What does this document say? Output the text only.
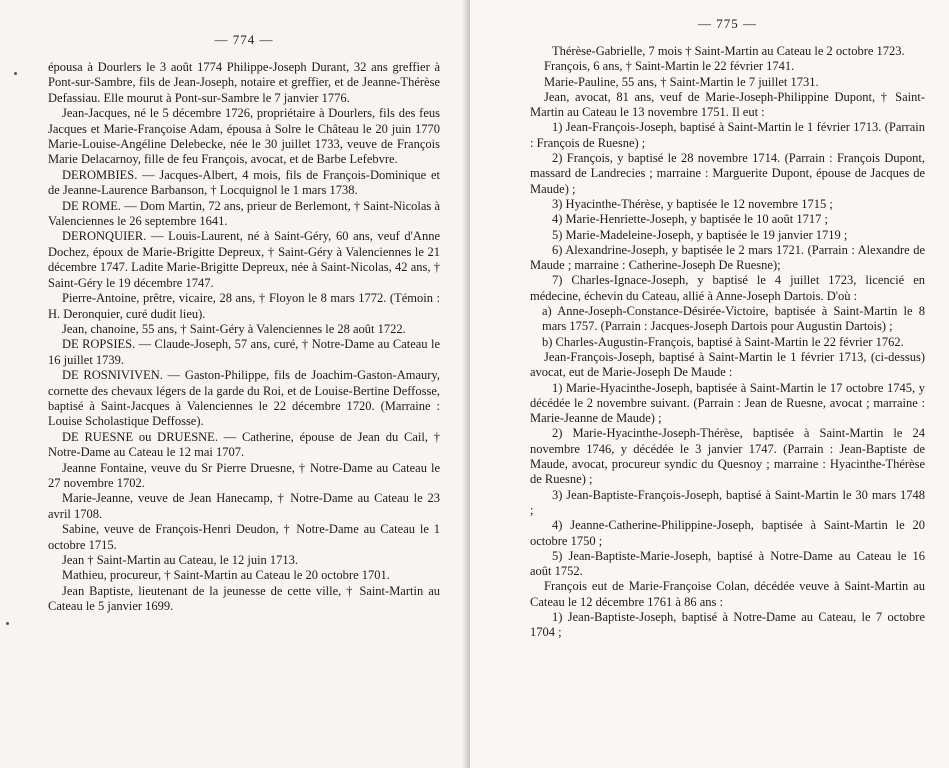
— 774 —

épousa à Dourlers le 3 août 1774 Philippe-Joseph Durant, 32 ans greffier à Pont-sur-Sambre, fils de Jean-Joseph, notaire et greffier, et de Jeanne-Thérèse Defassiau. Elle mourut à Pont-sur-Sambre le 7 janvier 1776.

Jean-Jacques, né le 5 décembre 1726, propriétaire à Dourlers, fils des feus Jacques et Marie-Françoise Adam, épousa à Solre le Château le 20 juin 1770 Marie-Louise-Angéline Delebecke, née le 30 juillet 1733, veuve de François Marie Delacarnoy, fille de feu François, avocat, et de Barbe Lefebvre.

DEROMBIES. — Jacques-Albert, 4 mois, fils de François-Dominique et de Jeanne-Laurence Barbanson, † Locquignol le 1 mars 1738.

DE ROME. — Dom Martin, 72 ans, prieur de Berlemont, † Saint-Nicolas à Valenciennes le 26 septembre 1641.

DERONQUIER. — Louis-Laurent, né à Saint-Géry, 60 ans, veuf d'Anne Dochez, époux de Marie-Brigitte Depreux, † Saint-Géry à Valenciennes le 21 décembre 1747. Ladite Marie-Brigitte Depreux, née à Saint-Nicolas, 42 ans, † Saint-Géry le 19 décembre 1747.

Pierre-Antoine, prêtre, vicaire, 28 ans, † Floyon le 8 mars 1772. (Témoin : H. Deronquier, curé dudit lieu).

Jean, chanoine, 55 ans, † Saint-Géry à Valenciennes le 28 août 1722.

DE ROPSIES. — Claude-Joseph, 57 ans, curé, † Notre-Dame au Cateau le 16 juillet 1739.

DE ROSNIVIVEN. — Gaston-Philippe, fils de Joachim-Gaston-Amaury, cornette des chevaux légers de la garde du Roi, et de Louise-Bertine Deffosse, baptisé à Saint-Jacques à Valenciennes le 22 décembre 1720. (Marraine : Louise Scholastique Deffosse).

DE RUESNE ou DRUESNE. — Catherine, épouse de Jean du Cail, † Notre-Dame au Cateau le 12 mai 1707.

Jeanne Fontaine, veuve du Sr Pierre Druesne, † Notre-Dame au Cateau le 27 novembre 1702.

Marie-Jeanne, veuve de Jean Hanecamp, † Notre-Dame au Cateau le 23 avril 1708.

Sabine, veuve de François-Henri Deudon, † Notre-Dame au Cateau le 1 octobre 1715.

Jean † Saint-Martin au Cateau, le 12 juin 1713.

Mathieu, procureur, † Saint-Martin au Cateau le 20 octobre 1701.

Jean Baptiste, lieutenant de la jeunesse de cette ville, † Saint-Martin au Cateau le 5 janvier 1699.

— 775 —

Thérèse-Gabrielle, 7 mois † Saint-Martin au Cateau le 2 octobre 1723.

François, 6 ans, † Saint-Martin le 22 février 1741.

Marie-Pauline, 55 ans, † Saint-Martin le 7 juillet 1731.

Jean, avocat, 81 ans, veuf de Marie-Joseph-Philippine Dupont, † Saint-Martin au Cateau le 13 novembre 1751. Il eut :

1) Jean-François-Joseph, baptisé à Saint-Martin le 1 février 1713. (Parrain : François de Ruesne) ;

2) François, y baptisé le 28 novembre 1714. (Parrain : François Dupont, massard de Landrecies ; marraine : Marguerite Dupont, épouse de Jacques de Maude) ;

3) Hyacinthe-Thérèse, y baptisée le 12 novembre 1715 ;

4) Marie-Henriette-Joseph, y baptisée le 10 août 1717 ;

5) Marie-Madeleine-Joseph, y baptisée le 19 janvier 1719 ;

6) Alexandrine-Joseph, y baptisée le 2 mars 1721. (Parrain : Alexandre de Maude ; marraine : Catherine-Joseph De Ruesne);

7) Charles-Ignace-Joseph, y baptisé le 4 juillet 1723, licencié en médecine, échevin du Cateau, allié à Anne-Joseph Dartois. D'où :

a) Anne-Joseph-Constance-Désirée-Victoire, baptisée à Saint-Martin le 8 mars 1757. (Parrain : Jacques-Joseph Dartois pour Augustin Dartois) ;

b) Charles-Augustin-François, baptisé à Saint-Martin le 22 février 1762.

Jean-François-Joseph, baptisé à Saint-Martin le 1 février 1713, (ci-dessus) avocat, eut de Marie-Joseph De Maude :

1) Marie-Hyacinthe-Joseph, baptisée à Saint-Martin le 17 octobre 1745, y décédée le 2 novembre suivant. (Parrain : Jean de Ruesne, avocat ; marraine : Marie-Jeanne de Maude) ;

2) Marie-Hyacinthe-Joseph-Thérèse, baptisée à Saint-Martin le 24 novembre 1746, y décédée le 3 janvier 1747. (Parrain : Jean-Baptiste de Maude, avocat, procureur syndic du Quesnoy ; marraine : Hyacinthe-Thérèse de Ruesne) ;

3) Jean-Baptiste-François-Joseph, baptisé à Saint-Martin le 30 mars 1748 ;

4) Jeanne-Catherine-Philippine-Joseph, baptisée à Saint-Martin le 20 octobre 1750 ;

5) Jean-Baptiste-Marie-Joseph, baptisé à Notre-Dame au Cateau le 16 août 1752.

François eut de Marie-Françoise Colan, décédée veuve à Saint-Martin au Cateau le 12 décembre 1761 à 86 ans :

1) Jean-Baptiste-Joseph, baptisé à Notre-Dame au Cateau, le 7 octobre 1704 ;
